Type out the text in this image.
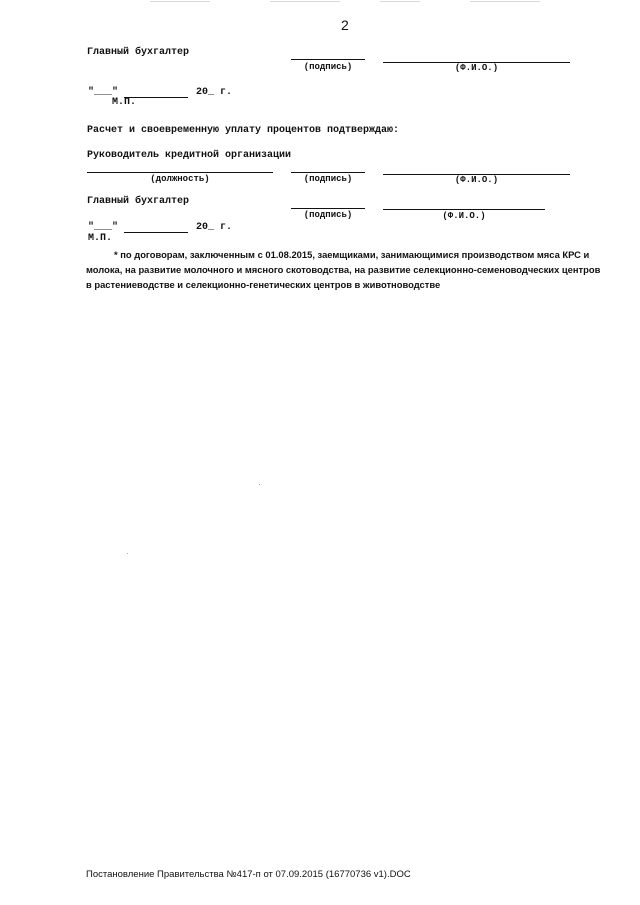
2
Главный бухгалтер
(подпись)	(Ф.И.О.)
"___"	20_ г.
М.П.
Расчет и своевременную уплату процентов подтверждаю:
Руководитель кредитной организации
(должность)	(подпись)	(Ф.И.О.)
Главный бухгалтер
(подпись)	(Ф.И.О.)
"___"	20_ г.
М.П.
* по договорам, заключенным с 01.08.2015, заемщиками, занимающимися производством мяса КРС и молока, на развитие молочного и мясного скотоводства, на развитие селекционно-семеноводческих центров в растениеводстве и селекционно-генетических центров в животноводстве
Постановление Правительства №417-п от 07.09.2015 (16770736 v1).DOC
